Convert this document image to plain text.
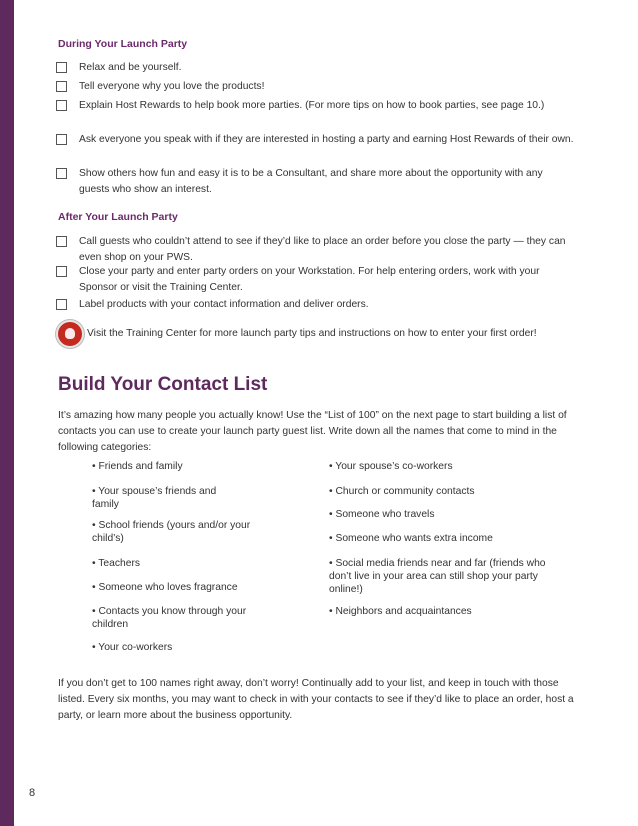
During Your Launch Party
Relax and be yourself.
Tell everyone why you love the products!
Explain Host Rewards to help book more parties. (For more tips on how to book parties, see page 10.)
Ask everyone you speak with if they are interested in hosting a party and earning Host Rewards of their own.
Show others how fun and easy it is to be a Consultant, and share more about the opportunity with any guests who show an interest.
After Your Launch Party
Call guests who couldn’t attend to see if they’d like to place an order before you close the party — they can even shop on your PWS.
Close your party and enter party orders on your Workstation. For help entering orders, work with your Sponsor or visit the Training Center.
Label products with your contact information and deliver orders.
Visit the Training Center for more launch party tips and instructions on how to enter your first order!
Build Your Contact List
It’s amazing how many people you actually know! Use the “List of 100” on the next page to start building a list of contacts you can use to create your launch party guest list. Write down all the names that come to mind in the following categories:
• Friends and family
• Your spouse’s friends and family
• School friends (yours and/or your child’s)
• Teachers
• Someone who loves fragrance
• Contacts you know through your children
• Your co-workers
• Your spouse’s co-workers
• Church or community contacts
• Someone who travels
• Someone who wants extra income
• Social media friends near and far (friends who don’t live in your area can still shop your party online!)
• Neighbors and acquaintances
If you don’t get to 100 names right away, don’t worry! Continually add to your list, and keep in touch with those listed. Every six months, you may want to check in with your contacts to see if they’d like to place an order, host a party, or learn more about the business opportunity.
8
